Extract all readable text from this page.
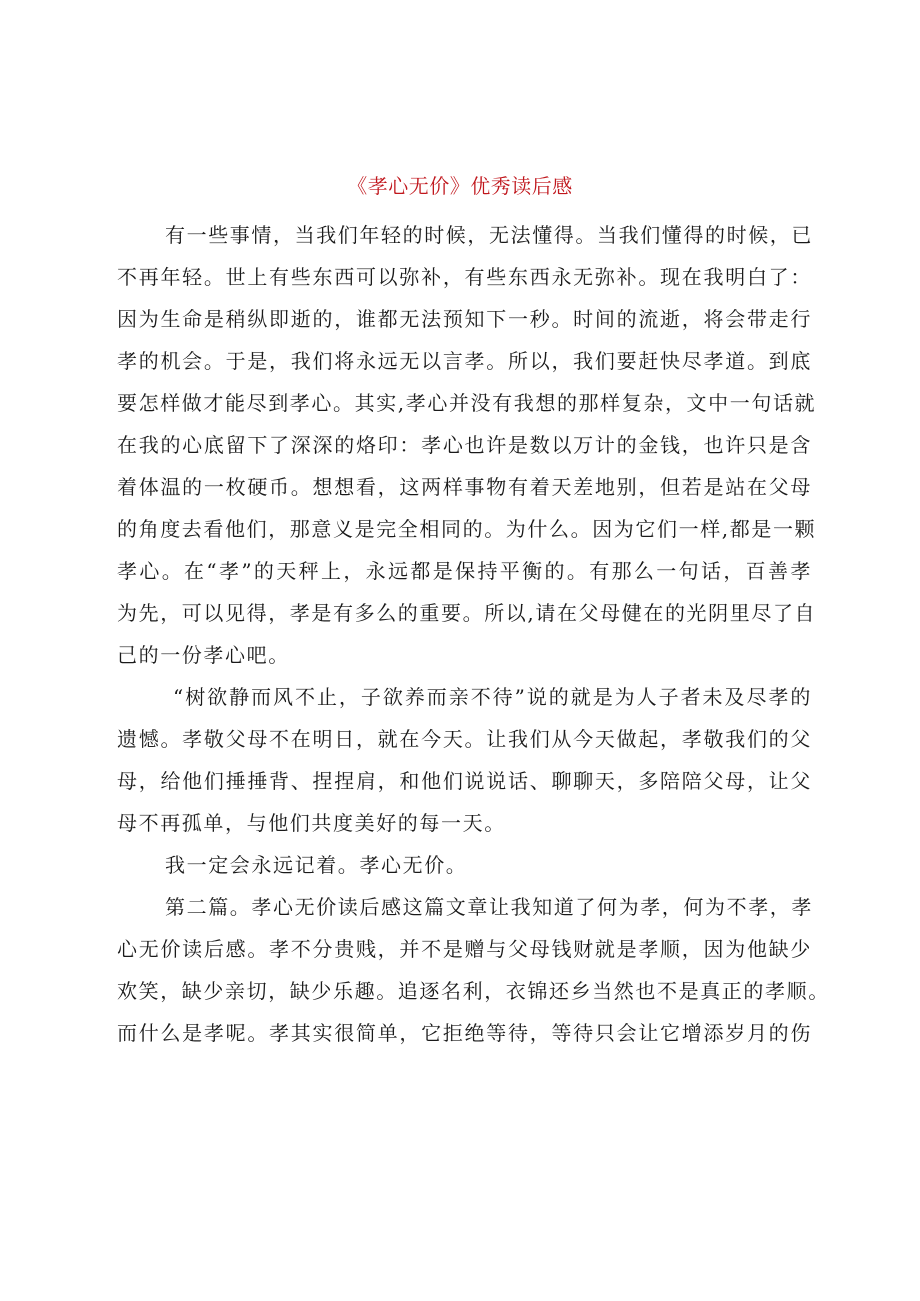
《孝心无价》优秀读后感
有一些事情，当我们年轻的时候，无法懂得。当我们懂得的时候，已
不再年轻。世上有些东西可以弥补，有些东西永无弥补。现在我明白了：
因为生命是稍纵即逝的，谁都无法预知下一秒。时间的流逝，将会带走行
孝的机会。于是，我们将永远无以言孝。所以，我们要赶快尽孝道。到底
要怎样做才能尽到孝心。其实,孝心并没有我想的那样复杂，文中一句话就
在我的心底留下了深深的烙印：孝心也许是数以万计的金钱，也许只是含
着体温的一枚硬币。想想看，这两样事物有着天差地别，但若是站在父母
的角度去看他们，那意义是完全相同的。为什么。因为它们一样,都是一颗
孝心。在“孝”的天秤上，永远都是保持平衡的。有那么一句话，百善孝
为先，可以见得，孝是有多么的重要。所以,请在父母健在的光阴里尽了自
己的一份孝心吧。
“树欲静而风不止，子欲养而亲不待”说的就是为人子者未及尽孝的
遗憾。孝敬父母不在明日，就在今天。让我们从今天做起，孝敬我们的父
母，给他们捶捶背、捏捏肩，和他们说说话、聊聊天，多陪陪父母，让父
母不再孤单，与他们共度美好的每一天。
我一定会永远记着。孝心无价。
第二篇。孝心无价读后感这篇文章让我知道了何为孝，何为不孝，孝
心无价读后感。孝不分贵贱，并不是赠与父母钱财就是孝顺，因为他缺少
欢笑，缺少亲切，缺少乐趣。追逐名利，衣锦还乡当然也不是真正的孝顺。
而什么是孝呢。孝其实很简单，它拒绝等待，等待只会让它增添岁月的伤
